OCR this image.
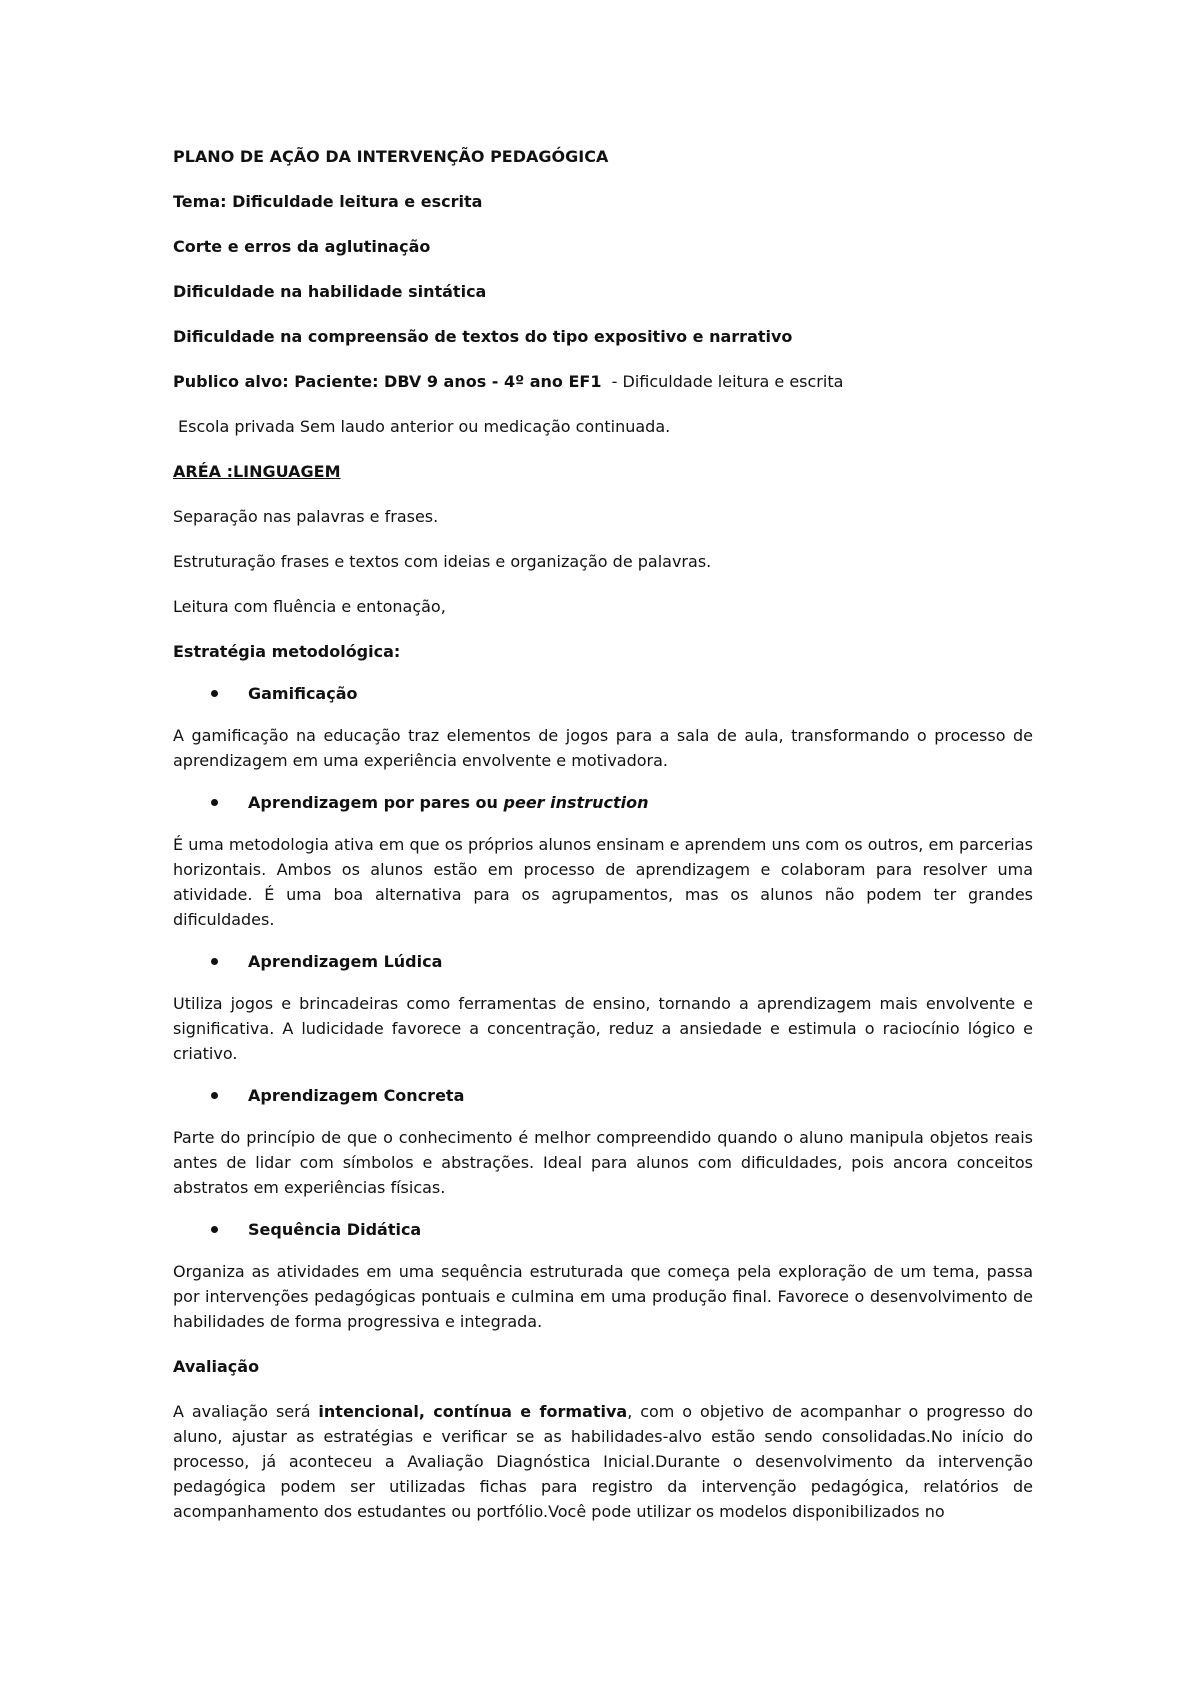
PLANO DE AÇÃO DA INTERVENÇÃO PEDAGÓGICA

Tema: Dificuldade leitura e escrita

Corte e erros da aglutinação

Dificuldade na habilidade sintática

Dificuldade na compreensão de textos do tipo expositivo e narrativo

Publico alvo: Paciente: DBV 9 anos - 4º ano EF1  - Dificuldade leitura e escrita

Escola privada Sem laudo anterior ou medicação continuada.

ARÉA :LINGUAGEM

Separação nas palavras e frases.

Estruturação frases e textos com ideias e organização de palavras.

Leitura com fluência e entonação,

Estratégia metodológica:

Gamificação

A gamificação na educação traz elementos de jogos para a sala de aula, transformando o processo de aprendizagem em uma experiência envolvente e motivadora.

Aprendizagem por pares ou peer instruction

É uma metodologia ativa em que os próprios alunos ensinam e aprendem uns com os outros, em parcerias horizontais. Ambos os alunos estão em processo de aprendizagem e colaboram para resolver uma atividade. É uma boa alternativa para os agrupamentos, mas os alunos não podem ter grandes dificuldades.

Aprendizagem Lúdica

Utiliza jogos e brincadeiras como ferramentas de ensino, tornando a aprendizagem mais envolvente e significativa. A ludicidade favorece a concentração, reduz a ansiedade e estimula o raciocínio lógico e criativo.

Aprendizagem Concreta

Parte do princípio de que o conhecimento é melhor compreendido quando o aluno manipula objetos reais antes de lidar com símbolos e abstrações. Ideal para alunos com dificuldades, pois ancora conceitos abstratos em experiências físicas.

Sequência Didática

Organiza as atividades em uma sequência estruturada que começa pela exploração de um tema, passa por intervenções pedagógicas pontuais e culmina em uma produção final. Favorece o desenvolvimento de habilidades de forma progressiva e integrada.

Avaliação

A avaliação será intencional, contínua e formativa, com o objetivo de acompanhar o progresso do aluno, ajustar as estratégias e verificar se as habilidades-alvo estão sendo consolidadas.No início do processo, já aconteceu a Avaliação Diagnóstica Inicial.Durante o desenvolvimento da intervenção pedagógica podem ser utilizadas fichas para registro da intervenção pedagógica, relatórios de acompanhamento dos estudantes ou portfólio.Você pode utilizar os modelos disponibilizados no
